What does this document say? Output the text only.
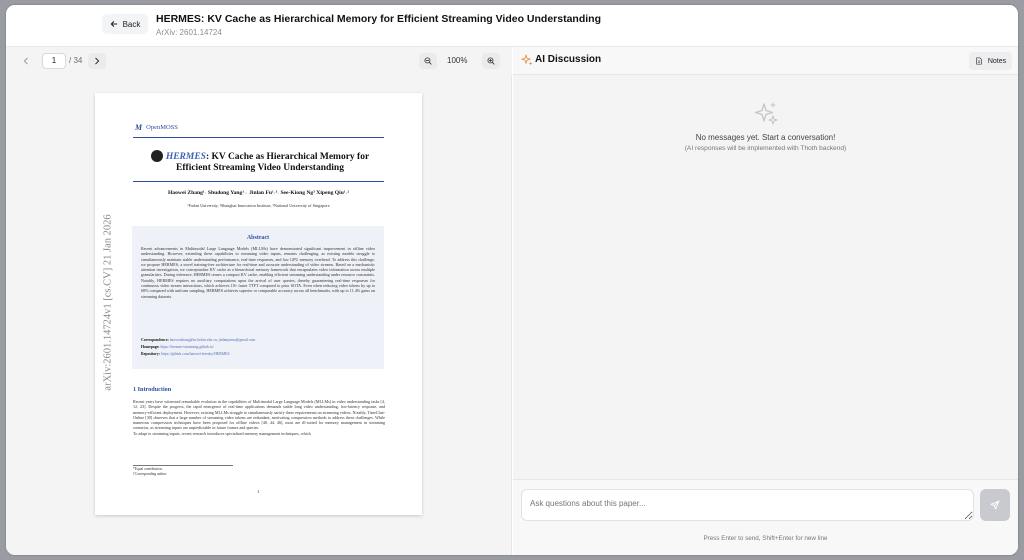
Back HERMES: KV Cache as Hierarchical Memory for Efficient Streaming Video Understanding
ArXiv: 2601.14724
1	/ 34	100%
arXiv:2601.14724v1 [cs.CV] 21 Jan 2026
M OpenMOSS
HERMES: KV Cache as Hierarchical Memory for
Efficient Streaming Video Understanding
Haowei Zhang¹˒ Shudong Yang¹˒˒ Jinlan Fu¹˒³˒ See-Kiong Ng³ Xipeng Qiu¹˒²
¹Fudan University, ²Shanghai Innovation Institute, ³National University of Singapore
Abstract
Recent advancements in Multimodal Large Language Models (MLLMs) have demonstrated significant improvement in offline video understanding. However, extending these capabilities to streaming video inputs, remains challenging, as existing models struggle to simultaneously maintain stable understanding performance, real-time responses, and low GPU memory overhead. To address this challenge, we propose HERMES, a novel training-free architecture for real-time and accurate understanding of video streams. Based on a mechanistic attention investigation, we conceptualize KV cache as a hierarchical memory framework that encapsulates video information across multiple granularities. During inference, HERMES reuses a compact KV cache, enabling efficient streaming understanding under resource constraints. Notably, HERMES requires no auxiliary computations upon the arrival of user queries, thereby guaranteeing real-time responses for continuous video stream interactions, which achieves 10× faster TTFT compared to prior SOTA. Even when reducing video tokens by up to 68% compared with uniform sampling, HERMES achieves superior or comparable accuracy across all benchmarks, with up to 11.4% gains on streaming datasets.
Correspondence: haoweizhang@m.fudan.edu.cn, jinlanjonna@gmail.com
Homepage: https://hermes-streaming.github.io/
Repository: https://github.com/haowei-freesky/HERMES
1 Introduction
Recent years have witnessed remarkable evolution in the capabilities of Multimodal Large Language Models (MLLMs) in video understanding tasks [4, 12, 23]. Despite the progress, the rapid emergence of real-time applications demands stable long video understanding, low-latency response, and memory-efficient deployment. However, existing MLLMs struggle to simultaneously satisfy these requirements on streaming videos. Notably, TimeChat-Online [30] observes that a large number of streaming video tokens are redundant, motivating compression methods to address these challenges. While numerous compression techniques have been proposed for offline videos [40, 44, 46], most are ill-suited for memory management in streaming scenarios, as streaming inputs are unpredictable in future frames and queries.
To adapt to streaming inputs, recent research introduces specialized memory management techniques, which
*Equal contribution.
†Corresponding author.
1
AI Discussion	Notes
No messages yet. Start a conversation!
(AI responses will be implemented with Thoth backend)
Ask questions about this paper...
Press Enter to send, Shift+Enter for new line
